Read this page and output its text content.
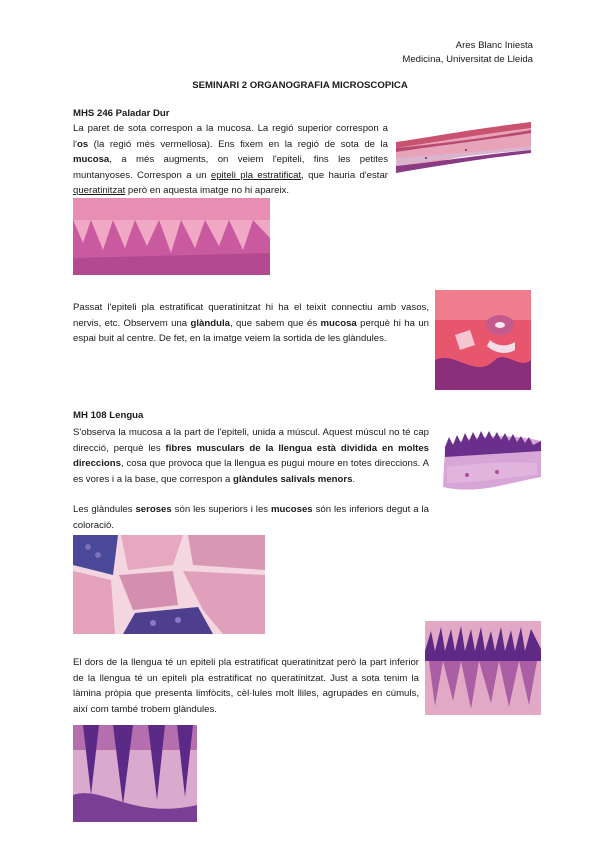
Ares Blanc Iniesta
Medicina, Universitat de Lleida
SEMINARI 2 ORGANOGRAFIA MICROSCOPICA
MHS 246 Paladar Dur
La paret de sota correspon a la mucosa. La regió superior correspon a l'os (la regió més vermellosa). Ens fixem en la regió de sota de la mucosa, a més augments, on veiem l'epiteli, fins les petites muntanyoses. Correspon a un epiteli pla estratificat, que hauria d'estar queratinitzat però en aquesta imatge no hi apareix.
Passat l'epiteli pla estratificat queratinitzat hi ha el teixit connectiu amb vasos, nervis, etc. Observem una glàndula, que sabem que és mucosa perquè hi ha un espai buit al centre. De fet, en la imatge veiem la sortida de les glàndules.
MH 108 Lengua
S'observa la mucosa a la part de l'epiteli, unida a múscul. Aquest múscul no té cap direcció, perquè les fibres musculars de la llengua està dividida en moltes direccions, cosa que provoca que la llengua es pugui moure en totes direccions. A es vores i a la base, que correspon a glàndules salivals menors.
Les glàndules seroses són les superiors i les mucoses són les inferiors degut a la coloració.
El dors de la llengua té un epiteli pla estratificat queratinitzat però la part inferior de la llengua té un epiteli pla estratificat no queratinitzat. Just a sota tenim la làmina pròpia que presenta limfòcits, cèl·lules molt lliles, agrupades en cúmuls, així com també trobem glàndules.
